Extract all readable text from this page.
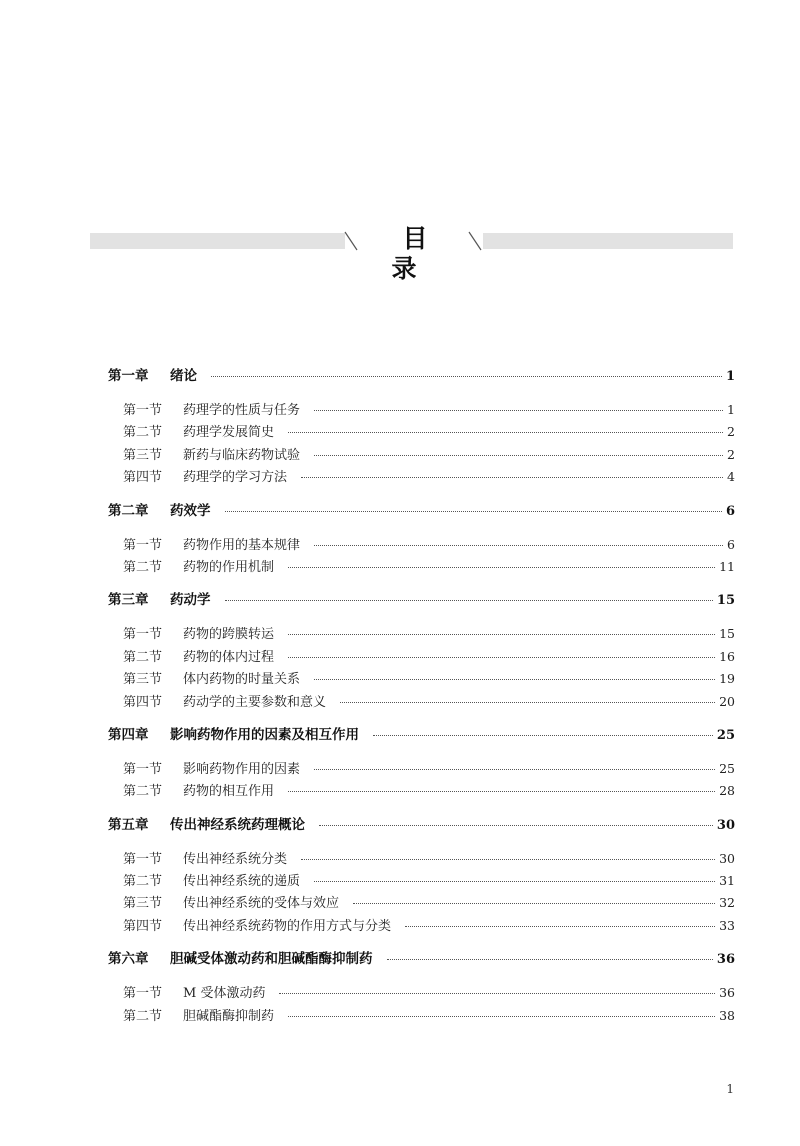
目 录
第一章	绪论	1
第一节	药理学的性质与任务	1
第二节	药理学发展简史	2
第三节	新药与临床药物试验	2
第四节	药理学的学习方法	4
第二章	药效学	6
第一节	药物作用的基本规律	6
第二节	药物的作用机制	11
第三章	药动学	15
第一节	药物的跨膜转运	15
第二节	药物的体内过程	16
第三节	体内药物的时量关系	19
第四节	药动学的主要参数和意义	20
第四章	影响药物作用的因素及相互作用	25
第一节	影响药物作用的因素	25
第二节	药物的相互作用	28
第五章	传出神经系统药理概论	30
第一节	传出神经系统分类	30
第二节	传出神经系统的递质	31
第三节	传出神经系统的受体与效应	32
第四节	传出神经系统药物的作用方式与分类	33
第六章	胆碱受体激动药和胆碱酯酶抑制药	36
第一节	M 受体激动药	36
第二节	胆碱酯酶抑制药	38
1
